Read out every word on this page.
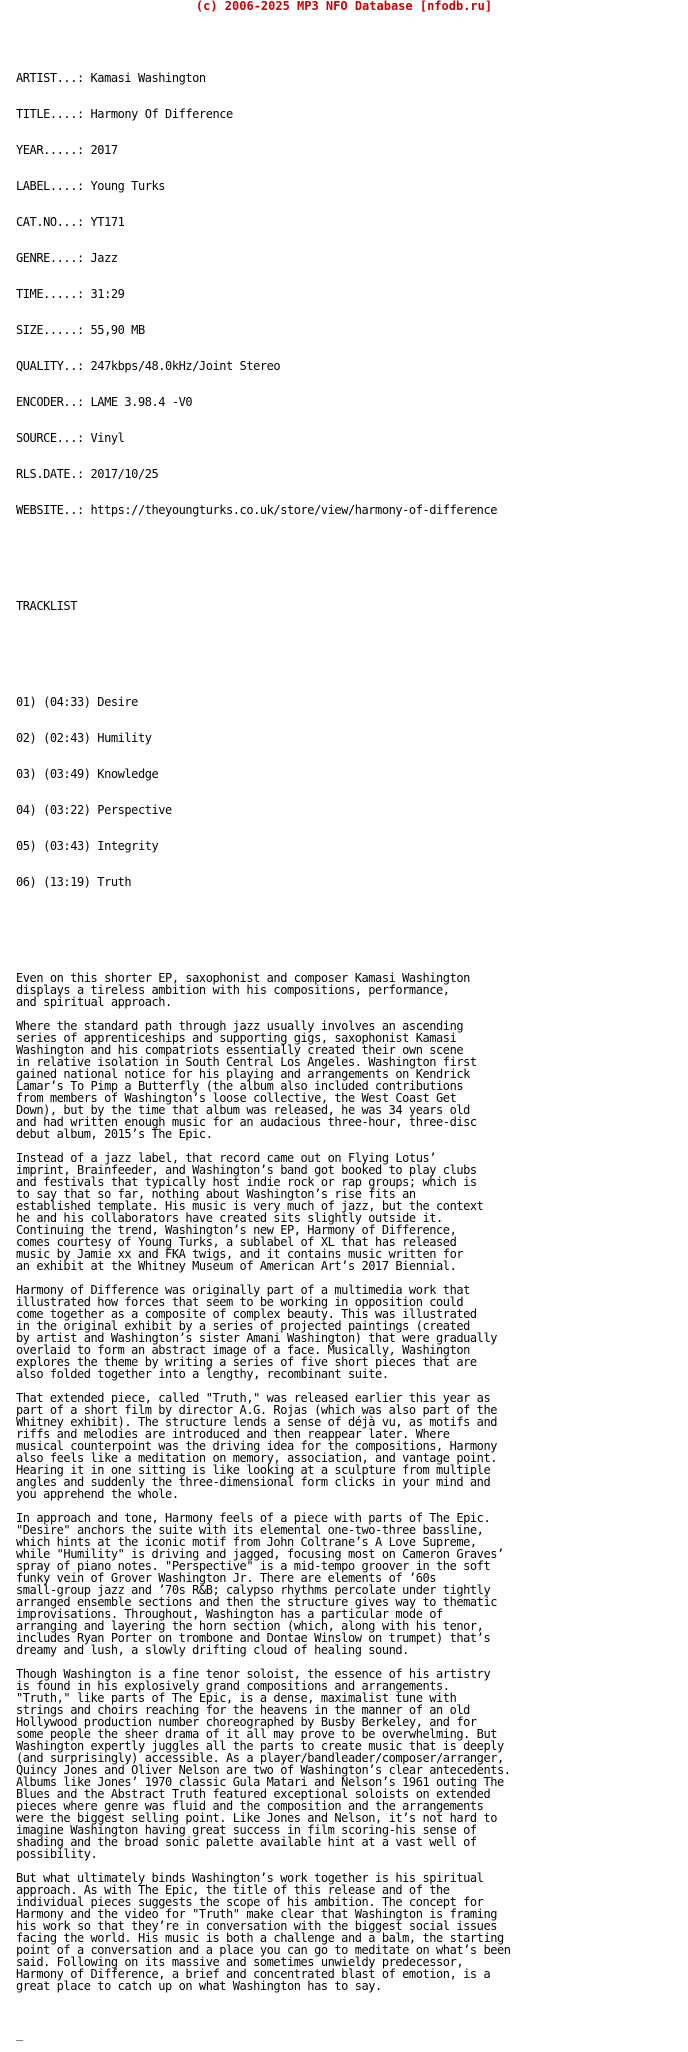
(c) 2006-2025 MP3 NFO Database [nfodb.ru]

ARTIST...: Kamasi Washington

TITLE....: Harmony Of Difference

YEAR.....: 2017

LABEL....: Young Turks

CAT.NO...: YT171

GENRE....: Jazz

TIME.....: 31:29

SIZE.....: 55,90 MB

QUALITY..: 247kbps/48.0kHz/Joint Stereo

ENCODER..: LAME 3.98.4 -V0

SOURCE...: Vinyl

RLS.DATE.: 2017/10/25

WEBSITE..: https://theyoungturks.co.uk/store/view/harmony-of-difference

TRACKLIST

01) (04:33) Desire

02) (02:43) Humility

03) (03:49) Knowledge

04) (03:22) Perspective

05) (03:43) Integrity

06) (13:19) Truth

Even on this shorter EP, saxophonist and composer Kamasi Washington
displays a tireless ambition with his compositions, performance,
and spiritual approach.
Where the standard path through jazz usually involves an ascending
series of apprenticeships and supporting gigs, saxophonist Kamasi
Washington and his compatriots essentially created their own scene
in relative isolation in South Central Los Angeles. Washington first
gained national notice for his playing and arrangements on Kendrick
Lamar’s To Pimp a Butterfly (the album also included contributions
from members of Washington’s loose collective, the West Coast Get
Down), but by the time that album was released, he was 34 years old
and had written enough music for an audacious three-hour, three-disc
debut album, 2015’s The Epic.
Instead of a jazz label, that record came out on Flying Lotus’
imprint, Brainfeeder, and Washington’s band got booked to play clubs
and festivals that typically host indie rock or rap groups; which is
to say that so far, nothing about Washington’s rise fits an
established template. His music is very much of jazz, but the context
he and his collaborators have created sits slightly outside it.
Continuing the trend, Washington’s new EP, Harmony of Difference,
comes courtesy of Young Turks, a sublabel of XL that has released
music by Jamie xx and FKA twigs, and it contains music written for
an exhibit at the Whitney Museum of American Art’s 2017 Biennial.
Harmony of Difference was originally part of a multimedia work that
illustrated how forces that seem to be working in opposition could
come together as a composite of complex beauty. This was illustrated
in the original exhibit by a series of projected paintings (created
by artist and Washington’s sister Amani Washington) that were gradually
overlaid to form an abstract image of a face. Musically, Washington
explores the theme by writing a series of five short pieces that are
also folded together into a lengthy, recombinant suite.
That extended piece, called "Truth," was released earlier this year as
part of a short film by director A.G. Rojas (which was also part of the
Whitney exhibit). The structure lends a sense of déjà vu, as motifs and
riffs and melodies are introduced and then reappear later. Where
musical counterpoint was the driving idea for the compositions, Harmony
also feels like a meditation on memory, association, and vantage point.
Hearing it in one sitting is like looking at a sculpture from multiple
angles and suddenly the three-dimensional form clicks in your mind and
you apprehend the whole.
In approach and tone, Harmony feels of a piece with parts of The Epic.
"Desire" anchors the suite with its elemental one-two-three bassline,
which hints at the iconic motif from John Coltrane’s A Love Supreme,
while "Humility" is driving and jagged, focusing most on Cameron Graves’
spray of piano notes. "Perspective" is a mid-tempo groover in the soft
funky vein of Grover Washington Jr. There are elements of ’60s
small-group jazz and ’70s R&B; calypso rhythms percolate under tightly
arranged ensemble sections and then the structure gives way to thematic
improvisations. Throughout, Washington has a particular mode of
arranging and layering the horn section (which, along with his tenor,
includes Ryan Porter on trombone and Dontae Winslow on trumpet) that’s
dreamy and lush, a slowly drifting cloud of healing sound.
Though Washington is a fine tenor soloist, the essence of his artistry
is found in his explosively grand compositions and arrangements.
"Truth," like parts of The Epic, is a dense, maximalist tune with
strings and choirs reaching for the heavens in the manner of an old
Hollywood production number choreographed by Busby Berkeley, and for
some people the sheer drama of it all may prove to be overwhelming. But
Washington expertly juggles all the parts to create music that is deeply
(and surprisingly) accessible. As a player/bandleader/composer/arranger,
Quincy Jones and Oliver Nelson are two of Washington’s clear antecedents.
Albums like Jones’ 1970 classic Gula Matari and Nelson’s 1961 outing The
Blues and the Abstract Truth featured exceptional soloists on extended
pieces where genre was fluid and the composition and the arrangements
were the biggest selling point. Like Jones and Nelson, it’s not hard to
imagine Washington having great success in film scoring-his sense of
shading and the broad sonic palette available hint at a vast well of
possibility.
But what ultimately binds Washington’s work together is his spiritual
approach. As with The Epic, the title of this release and of the
individual pieces suggests the scope of his ambition. The concept for
Harmony and the video for "Truth" make clear that Washington is framing
his work so that they’re in conversation with the biggest social issues
facing the world. His music is both a challenge and a balm, the starting
point of a conversation and a place you can go to meditate on what’s been
said. Following on its massive and sometimes unwieldy predecessor,
Harmony of Difference, a brief and concentrated blast of emotion, is a
great place to catch up on what Washington has to say.

_
